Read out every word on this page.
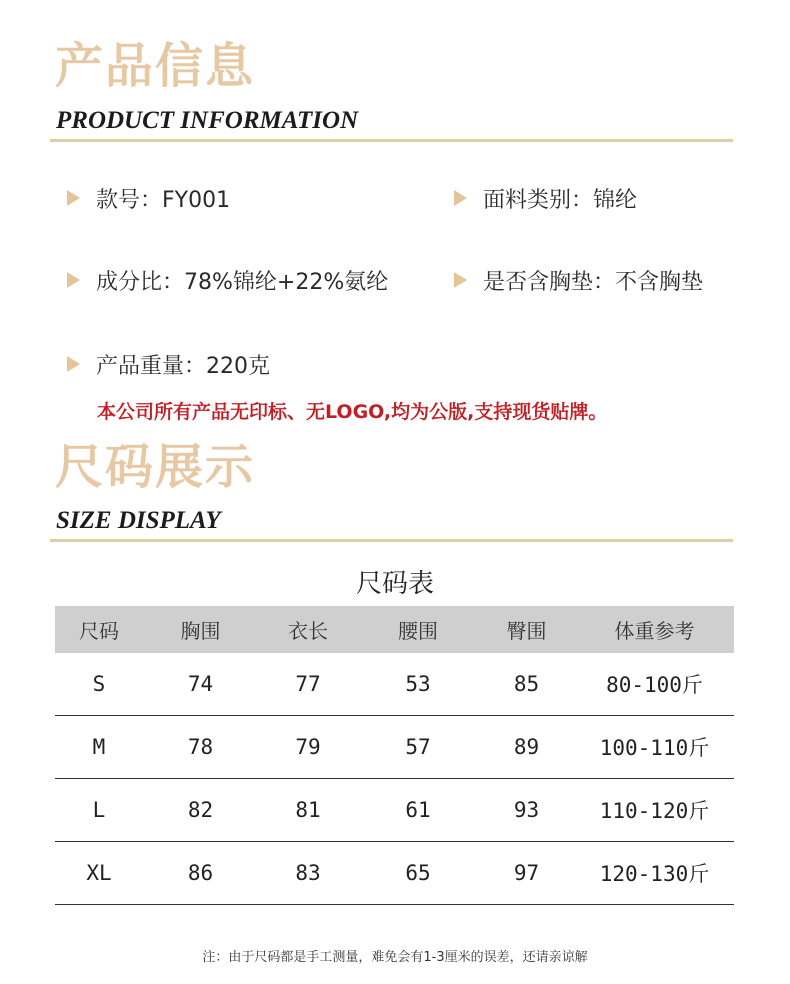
产品信息
PRODUCT INFORMATION
款号：FY001	面料类别：锦纶
成分比：78%锦纶+22%氨纶	是否含胸垫：不含胸垫
产品重量：220克
本公司所有产品无印标、无LOGO,均为公版,支持现货贴牌。
尺码展示
SIZE DISPLAY
尺码表
尺码	胸围	衣长	腰围	臀围	体重参考
S	74	77	53	85	80-100斤
M	78	79	57	89	100-110斤
L	82	81	61	93	110-120斤
XL	86	83	65	97	120-130斤
注：由于尺码都是手工测量，难免会有1-3厘米的误差，还请亲谅解
